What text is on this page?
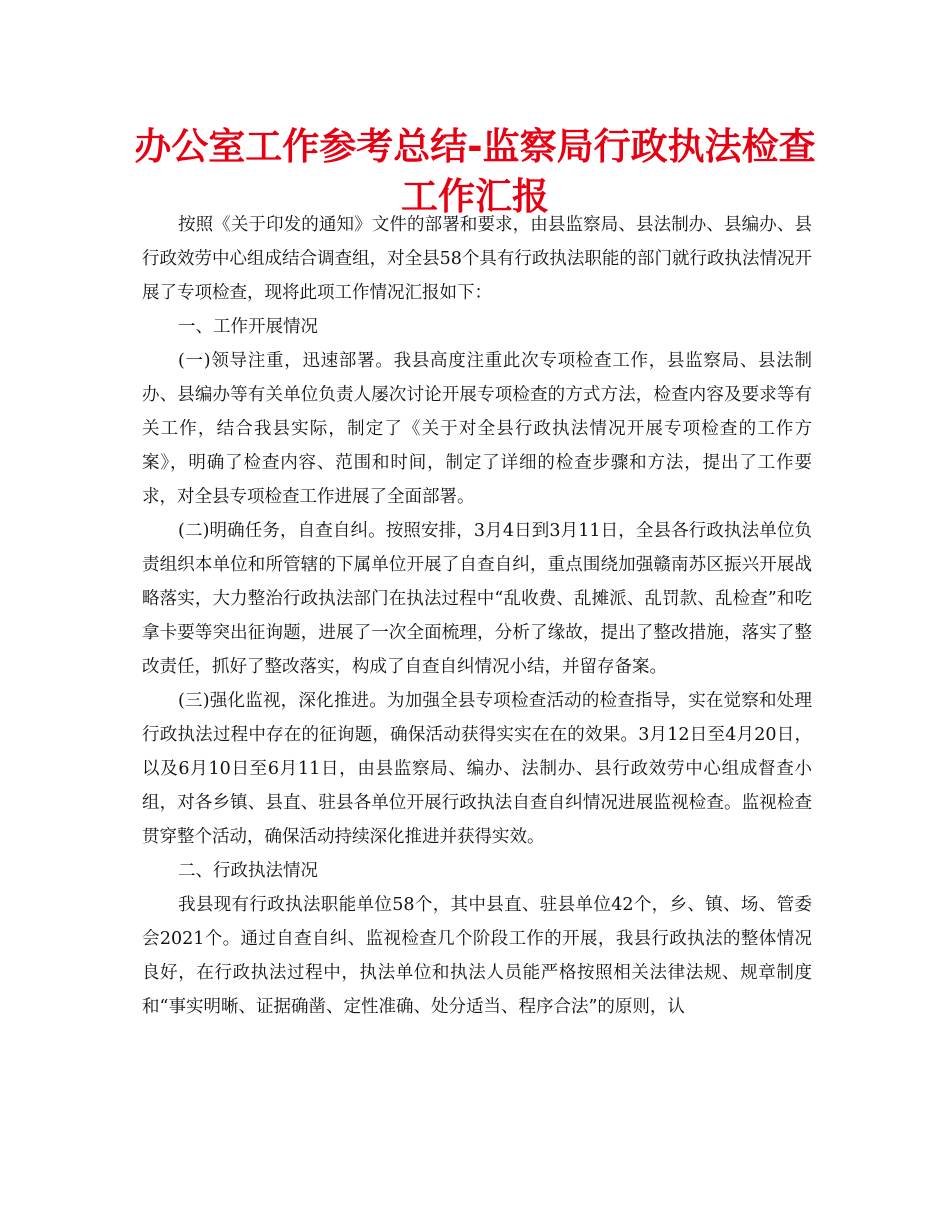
办公室工作参考总结-监察局行政执法检查工作汇报

按照《关于印发的通知》文件的部署和要求，由县监察局、县法制办、县编办、县行政效劳中心组成结合调查组，对全县58个具有行政执法职能的部门就行政执法情况开展了专项检查，现将此项工作情况汇报如下：

一、工作开展情况

(一)领导注重，迅速部署。我县高度注重此次专项检查工作，县监察局、县法制办、县编办等有关单位负责人屡次讨论开展专项检查的方式方法，检查内容及要求等有关工作，结合我县实际，制定了《关于对全县行政执法情况开展专项检查的工作方案》，明确了检查内容、范围和时间，制定了详细的检查步骤和方法，提出了工作要求，对全县专项检查工作进展了全面部署。

(二)明确任务，自查自纠。按照安排，3月4日到3月11日，全县各行政执法单位负责组织本单位和所管辖的下属单位开展了自查自纠，重点围绕加强赣南苏区振兴开展战略落实，大力整治行政执法部门在执法过程中“乱收费、乱摊派、乱罚款、乱检查”和吃拿卡要等突出征询题，进展了一次全面梳理，分析了缘故，提出了整改措施，落实了整改责任，抓好了整改落实，构成了自查自纠情况小结，并留存备案。

(三)强化监视，深化推进。为加强全县专项检查活动的检查指导，实在觉察和处理行政执法过程中存在的征询题，确保活动获得实实在在的效果。3月12日至4月20日，以及6月10日至6月11日，由县监察局、编办、法制办、县行政效劳中心组成督查小组，对各乡镇、县直、驻县各单位开展行政执法自查自纠情况进展监视检查。监视检查贯穿整个活动，确保活动持续深化推进并获得实效。

二、行政执法情况

我县现有行政执法职能单位58个，其中县直、驻县单位42个，乡、镇、场、管委会2021个。通过自查自纠、监视检查几个阶段工作的开展，我县行政执法的整体情况良好，在行政执法过程中，执法单位和执法人员能严格按照相关法律法规、规章制度和“事实明晰、证据确凿、定性准确、处分适当、程序合法”的原则，认
